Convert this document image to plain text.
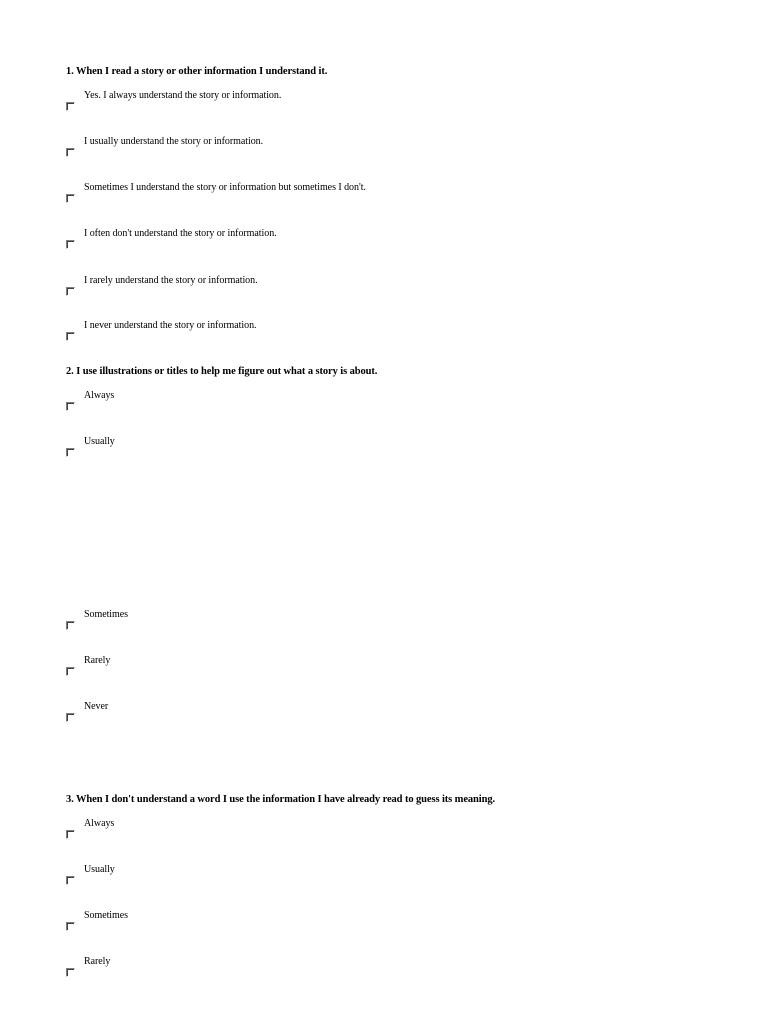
1. When I read a story or other information I understand it.
Yes. I always understand the story or information.
I usually understand the story or information.
Sometimes I understand the story or information but sometimes I don't.
I often don't understand the story or information.
I rarely understand the story or information.
I never understand the story or information.
2. I use illustrations or titles to help me figure out what a story is about.
Always
Usually
Sometimes
Rarely
Never
3. When I don't understand a word I use the information I have already read to guess its meaning.
Always
Usually
Sometimes
Rarely
